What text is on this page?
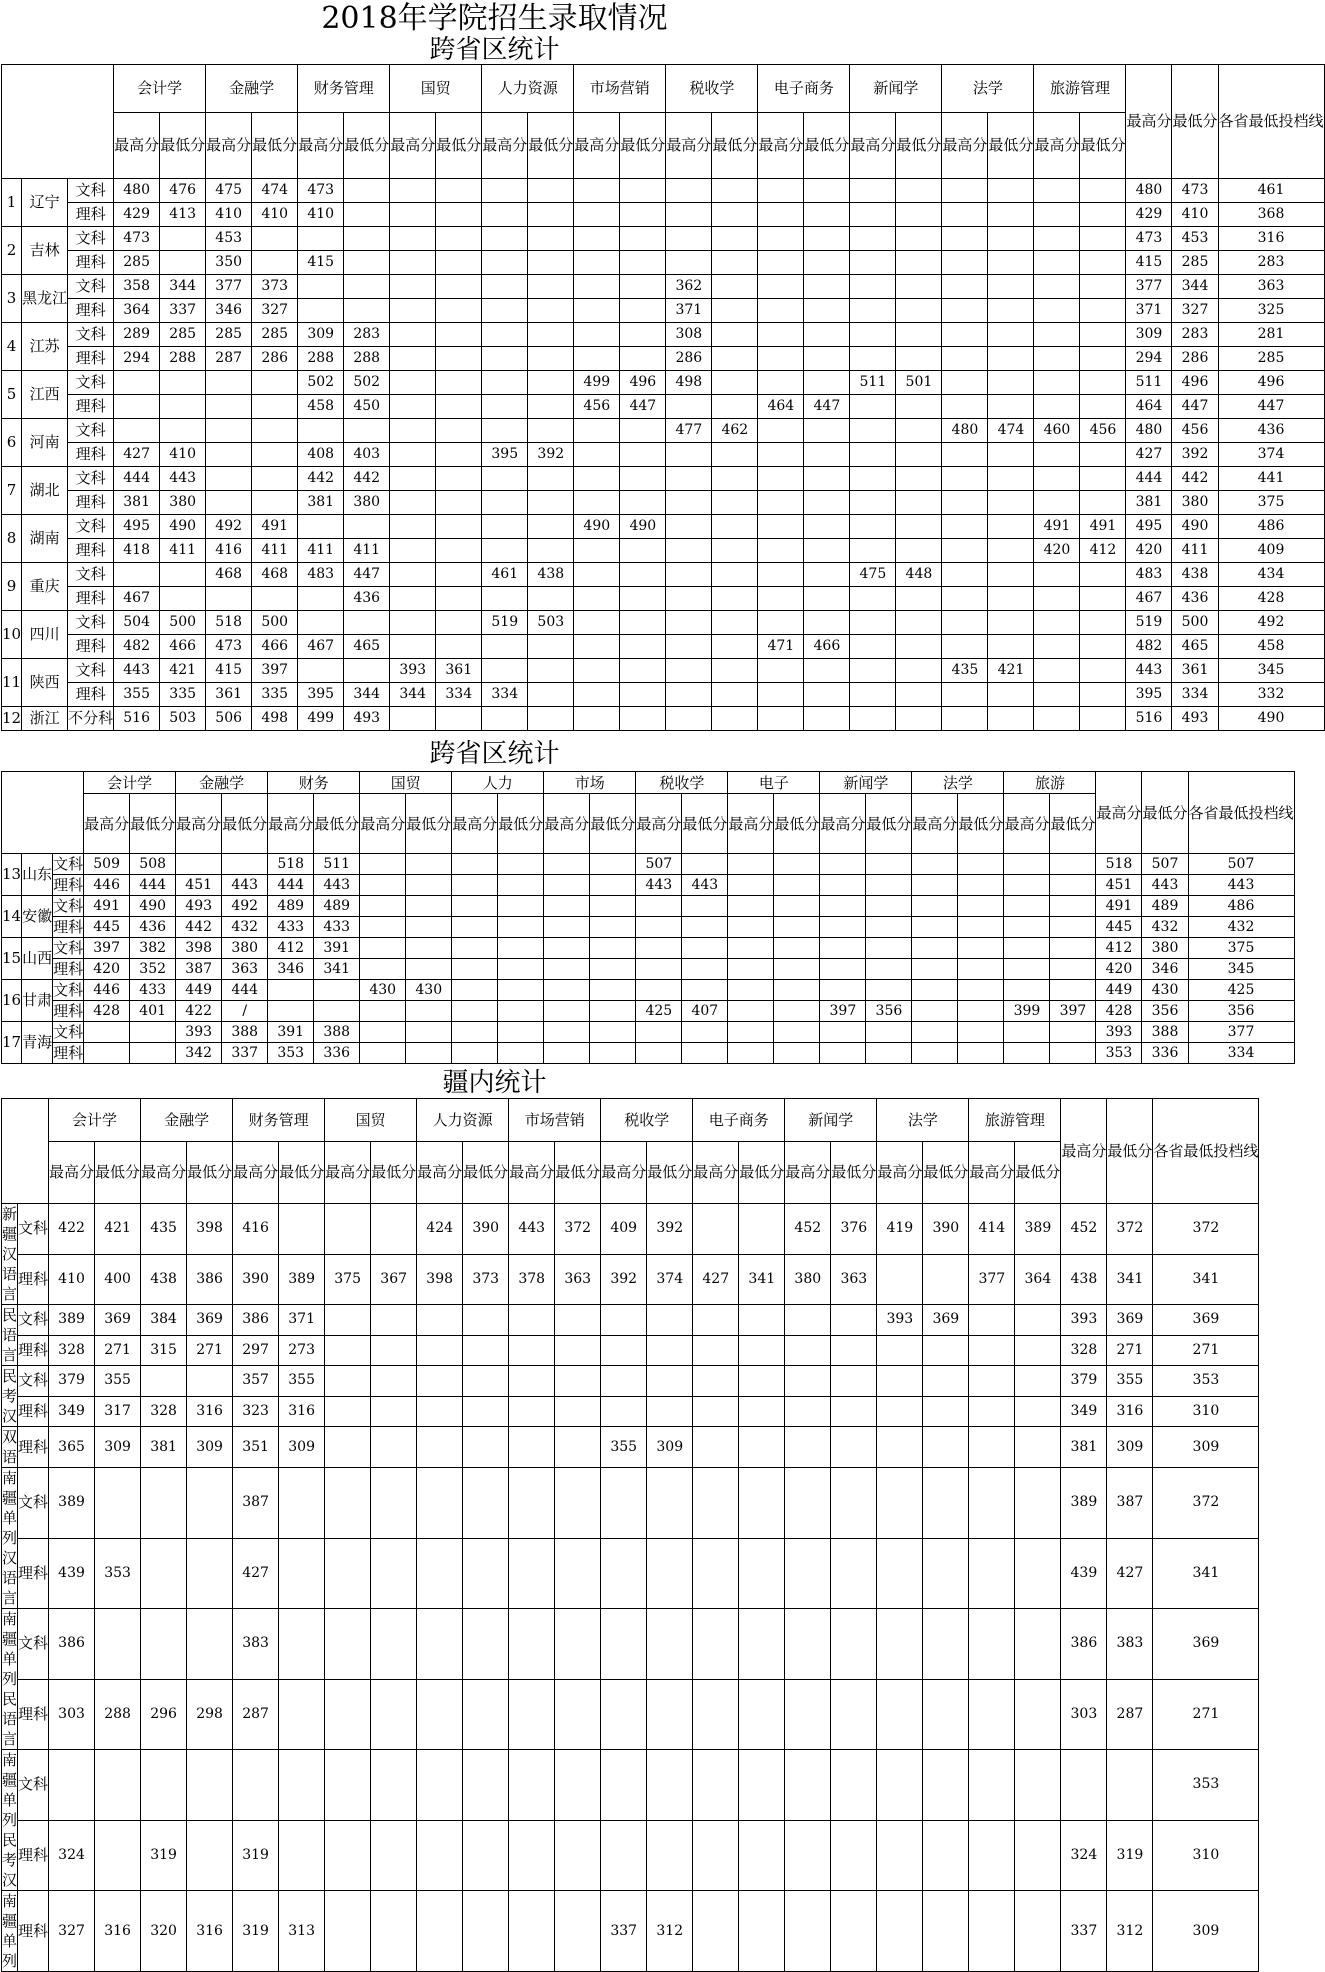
2018年学院招生录取情况
跨省区统计
跨省区统计
疆内统计
			会计学		金融学		财务管理		国贸		人力资源		市场营销		税收学		电子商务		新闻学		法学		旅游管理		最高分	最低分	各省最低投档线
			最高分	最低分	最高分	最低分	最高分	最低分	最高分	最低分	最高分	最低分	最高分	最低分	最高分	最低分	最高分	最低分	最高分	最低分	最高分	最低分	最高分	最低分			
1	辽宁	文科	480	476	475	474	473																		480	473	461
		理科	429	413	410	410	410																		429	410	368
2	吉林	文科	473		453																				473	453	316
		理科	285		350		415																		415	285	283
3	黑龙江	文科	358	344	377	373									362										377	344	363
		理科	364	337	346	327									371										371	327	325
4	江苏	文科	289	285	285	285	309	283							308										309	283	281
		理科	294	288	287	286	288	288							286										294	286	285
5	江西	文科					502	502					499	496	498				511	501					511	496	496
		理科					458	450					456	447			464	447							464	447	447
6	河南	文科													477	462					480	474	460	456	480	456	436
		理科	427	410			408	403			395	392													427	392	374
7	湖北	文科	444	443			442	442																	444	442	441
		理科	381	380			381	380																	381	380	375
8	湖南	文科	495	490	492	491							490	490									491	491	495	490	486
		理科	418	411	416	411	411	411															420	412	420	411	409
9	重庆	文科			468	468	483	447			461	438							475	448					483	438	434
		理科	467					436																	467	436	428
10	四川	文科	504	500	518	500					519	503													519	500	492
		理科	482	466	473	466	467	465									471	466							482	465	458
11	陕西	文科	443	421	415	397			393	361											435	421			443	361	345
		理科	355	335	361	335	395	344	344	334	334														395	334	332
12	浙江	不分科	516	503	506	498	499	493																	516	493	490
			会计学		金融学		财务		国贸		人力		市场		税收学		电子		新闻学		法学		旅游		最高分	最低分	各省最低投档线
			最高分	最低分	最高分	最低分	最高分	最低分	最高分	最低分	最高分	最低分	最高分	最低分	最高分	最低分	最高分	最低分	最高分	最低分	最高分	最低分	最高分	最低分			
13	山东	文科	509	508			518	511							507										518	507	507
		理科	446	444	451	443	444	443							443	443									451	443	443
14	安徽	文科	491	490	493	492	489	489																	491	489	486
		理科	445	436	442	432	433	433																	445	432	432
15	山西	文科	397	382	398	380	412	391																	412	380	375
		理科	420	352	387	363	346	341																	420	346	345
16	甘肃	文科	446	433	449	444			430	430															449	430	425
		理科	428	401	422	/									425	407			397	356			399	397	428	356	356
17	青海	文科			393	388	391	388																	393	388	377
		理科			342	337	353	336																	353	336	334
		会计学		金融学		财务管理		国贸		人力资源		市场营销		税收学		电子商务		新闻学		法学		旅游管理		最高分	最低分	各省最低投档线
		最高分	最低分	最高分	最低分	最高分	最低分	最高分	最低分	最高分	最低分	最高分	最低分	最高分	最低分	最高分	最低分	最高分	最低分	最高分	最低分	最高分	最低分			
新疆汉语言	文科	422	421	435	398	416				424	390	443	372	409	392			452	376	419	390	414	389	452	372	372
	理科	410	400	438	386	390	389	375	367	398	373	378	363	392	374	427	341	380	363			377	364	438	341	341
民语言	文科	389	369	384	369	386	371													393	369			393	369	369
	理科	328	271	315	271	297	273																	328	271	271
民考汉	文科	379	355			357	355																	379	355	353
	理科	349	317	328	316	323	316																	349	316	310
双语	理科	365	309	381	309	351	309							355	309									381	309	309
南疆单列汉语言	文科	389				387																		389	387	372
	理科	439	353			427																		439	427	341
南疆单列民语言	文科	386				383																		386	383	369
	理科	303	288	296	298	287																		303	287	271
南疆单列民考汉	文科																									353
	理科	324		319		319																		324	319	310
南疆单列	理科	327	316	320	316	319	313							337	312									337	312	309
